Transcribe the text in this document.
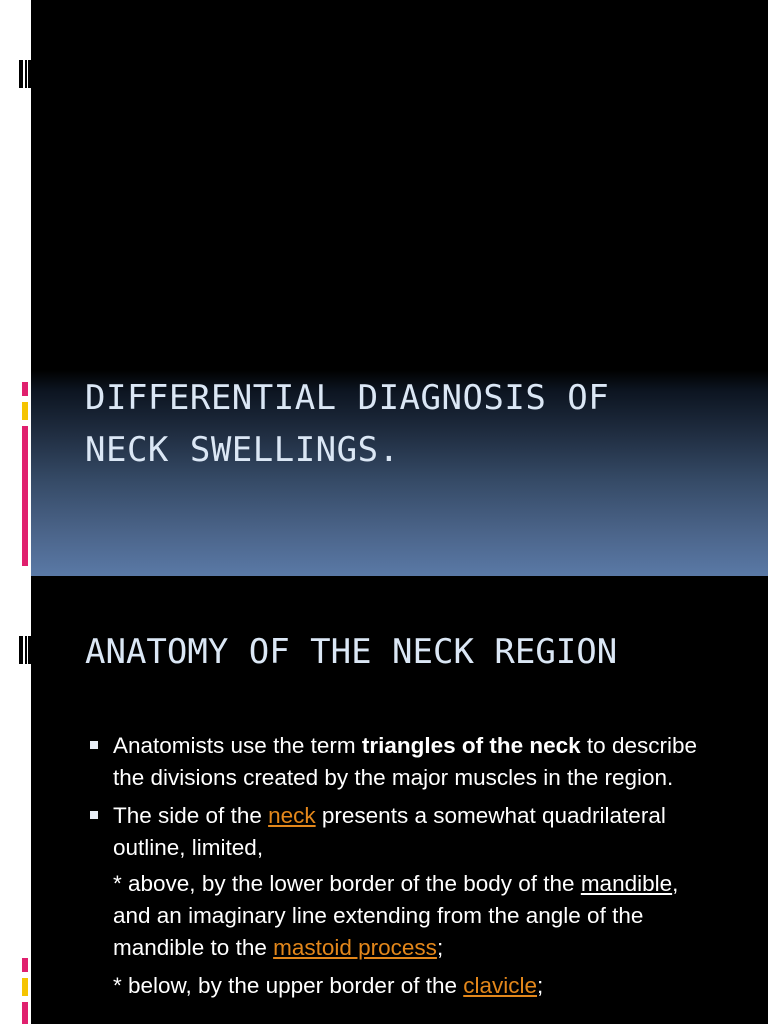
DIFFERENTIAL DIAGNOSIS OF
NECK SWELLINGS.
ANATOMY OF THE NECK REGION
Anatomists use the term triangles of the neck to describe the divisions created by the major muscles in the region.
The side of the neck presents a somewhat quadrilateral outline, limited,
* above, by the lower border of the body of the mandible, and an imaginary line extending from the angle of the mandible to the mastoid process;
* below, by the upper border of the clavicle;
